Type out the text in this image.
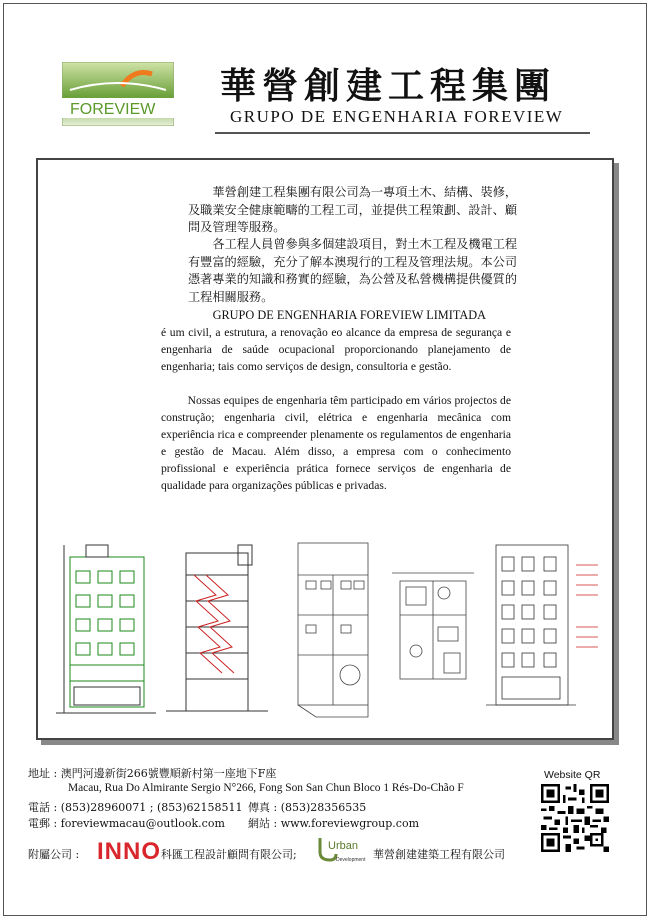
FOREVIEW
華營創建工程集團
GRUPO DE ENGENHARIA FOREVIEW

華營創建工程集團有限公司為一專項土木、結構、裝修，及職業安全健康範疇的工程工司，並提供工程策劃、設計、顧問及管理等服務。

各工程人員曾參與多個建設項目，對土木工程及機電工程有豐富的經驗，充分了解本澳現行的工程及管理法規。本公司憑著專業的知識和務實的經驗，為公營及私營機構提供優質的工程相關服務。

GRUPO DE ENGENHARIA FOREVIEW LIMITADA

é um civil, a estrutura, a renovação eo alcance da empresa de segurança e engenharia de saúde ocupacional proporcionando planejamento de engenharia; tais como serviços de design, consultoria e gestão.

Nossas equipes de engenharia têm participado em vários projectos de construção; engenharia civil, elétrica e engenharia mecânica com experiência rica e compreender plenamente os regulamentos de engenharia e gestão de Macau. Além disso, a empresa com o conhecimento profissional e experiência prática fornece serviços de engenharia de qualidade para organizações públicas e privadas.

地址 : 澳門河邊新街266號豐順新村第一座地下F座
Macau, Rua Do Almirante Sergio N°266, Fong Son San Chun Bloco 1 Rés-Do-Chão F
電話 : (853)28960071 ; (853)62158511 傳真 : (853)28356535
電郵 : foreviewmacau@outlook.com 網站 : www.foreviewgroup.com
Website QR
附屬公司 : INNO 科匯工程設計顧問有限公司;
Urban
Development 華營創建建築工程有限公司
